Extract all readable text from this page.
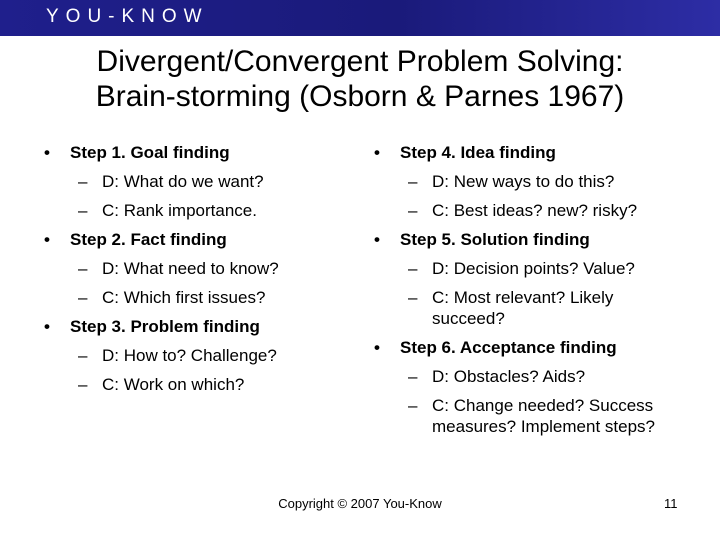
YOU-KNOW
Divergent/Convergent Problem Solving:
Brain-storming (Osborn & Parnes 1967)
• Step 1. Goal finding
– D: What do we want?
– C: Rank importance.
• Step 2. Fact finding
– D: What need to know?
– C: Which first issues?
• Step 3. Problem finding
– D: How to? Challenge?
– C: Work on which?
• Step 4. Idea finding
– D: New ways to do this?
– C: Best ideas? new? risky?
• Step 5. Solution finding
– D: Decision points? Value?
– C: Most relevant? Likely succeed?
• Step 6. Acceptance finding
– D: Obstacles? Aids?
– C: Change needed? Success measures? Implement steps?
Copyright © 2007 You-Know	11
